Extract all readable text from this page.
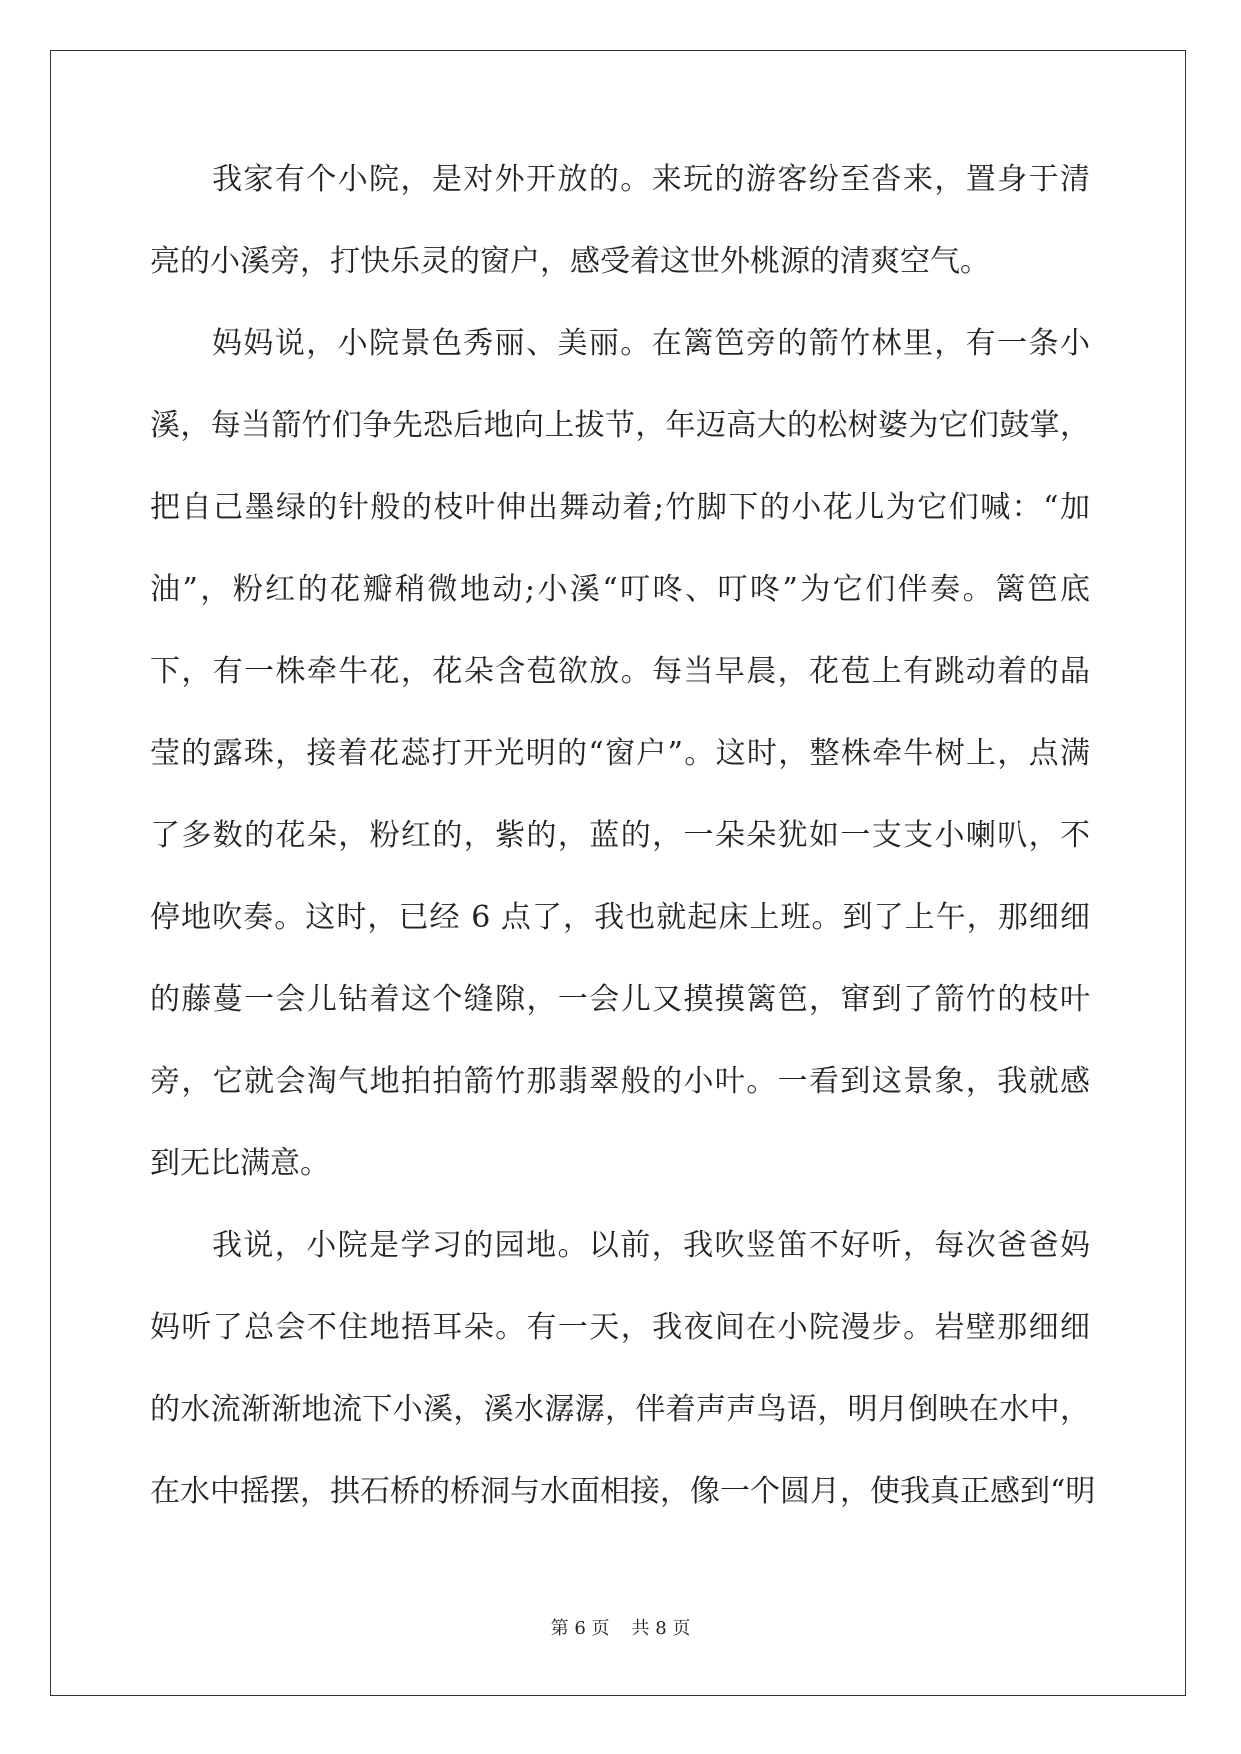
我家有个小院，是对外开放的。来玩的游客纷至沓来，置身于清
亮的小溪旁，打快乐灵的窗户，感受着这世外桃源的清爽空气。
妈妈说，小院景色秀丽、美丽。在篱笆旁的箭竹林里，有一条小
溪，每当箭竹们争先恐后地向上拔节，年迈高大的松树婆为它们鼓掌，
把自己墨绿的针般的枝叶伸出舞动着;竹脚下的小花儿为它们喊：“加
油”，粉红的花瓣稍微地动;小溪“叮咚、叮咚”为它们伴奏。篱笆底
下，有一株牵牛花，花朵含苞欲放。每当早晨，花苞上有跳动着的晶
莹的露珠，接着花蕊打开光明的“窗户”。这时，整株牵牛树上，点满
了多数的花朵，粉红的，紫的，蓝的，一朵朵犹如一支支小喇叭，不
停地吹奏。这时，已经 6 点了，我也就起床上班。到了上午，那细细
的藤蔓一会儿钻着这个缝隙，一会儿又摸摸篱笆，窜到了箭竹的枝叶
旁，它就会淘气地拍拍箭竹那翡翠般的小叶。一看到这景象，我就感
到无比满意。
我说，小院是学习的园地。以前，我吹竖笛不好听，每次爸爸妈
妈听了总会不住地捂耳朵。有一天，我夜间在小院漫步。岩壁那细细
的水流渐渐地流下小溪，溪水潺潺，伴着声声鸟语，明月倒映在水中，
在水中摇摆，拱石桥的桥洞与水面相接，像一个圆月，使我真正感到“明
第 6 页 共 8 页
